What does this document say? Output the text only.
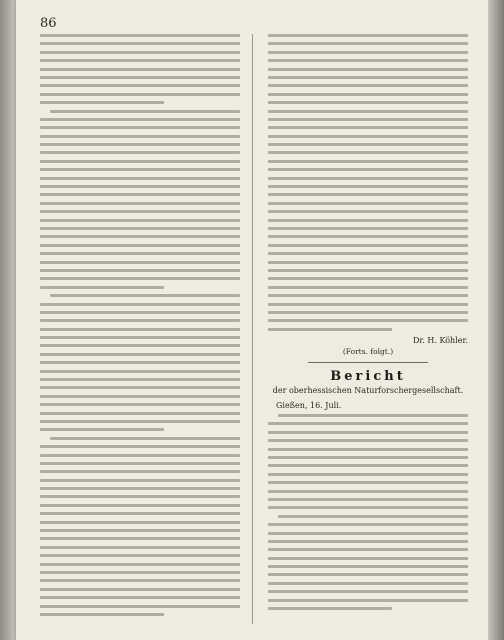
86
Dr. H. Köhler.
(Forts. folgt.)
Bericht
der oberhessischen Naturforschergesellschaft.
Gießen, 16. Juli.
